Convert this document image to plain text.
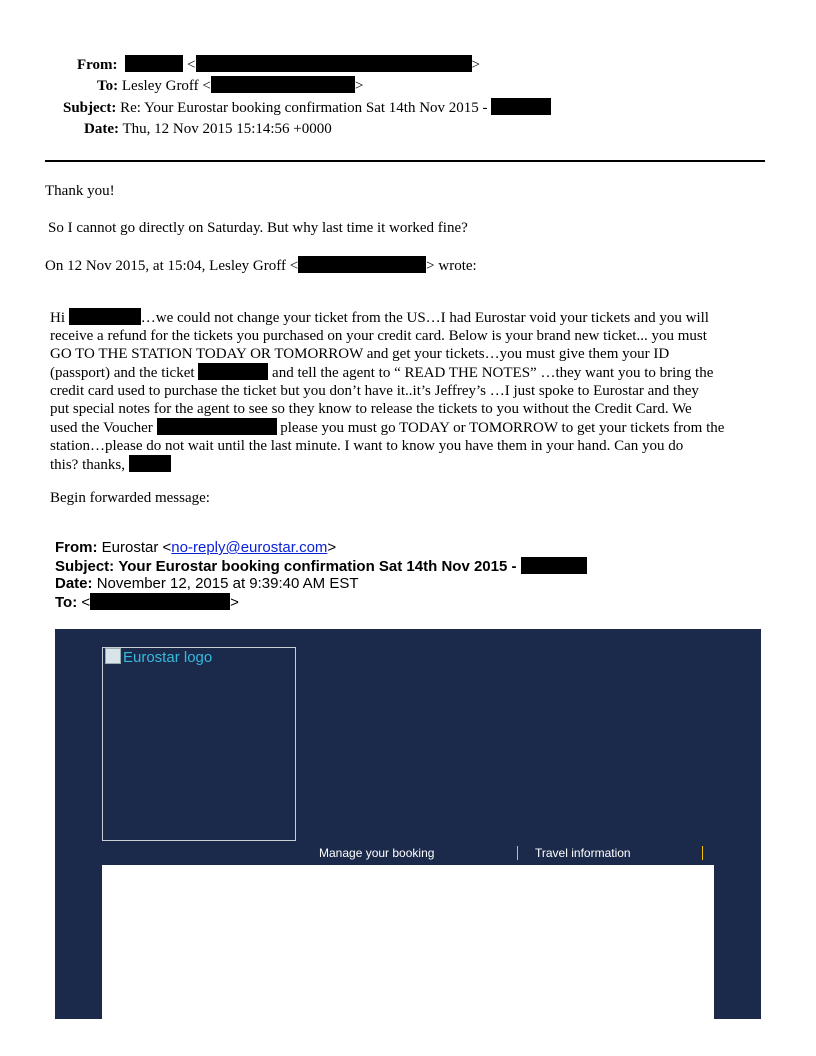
From:	<	>
To: Lesley Groff <	>
Subject: Re: Your Eurostar booking confirmation Sat 14th Nov 2015 -
Date: Thu, 12 Nov 2015 15:14:56 +0000
Thank you!
So I cannot go directly on Saturday. But why last time it worked fine?
On 12 Nov 2015, at 15:04, Lesley Groff <	> wrote:
Hi	…we could not change your ticket from the US…I had Eurostar void your tickets and you will
receive a refund for the tickets you purchased on your credit card. Below is your brand new ticket... you must
GO TO THE STATION TODAY OR TOMORROW and get your tickets…you must give them your ID
(passport) and the ticket	and tell the agent to “ READ THE NOTES” …they want you to bring the
credit card used to purchase the ticket but you don’t have it..it’s Jeffrey’s …I just spoke to Eurostar and they
put special notes for the agent to see so they know to release the tickets to you without the Credit Card. We
used the Voucher	please you must go TODAY or TOMORROW to get your tickets from the
station…please do not wait until the last minute. I want to know you have them in your hand. Can you do
this? thanks,
Begin forwarded message:
From: Eurostar <no-reply@eurostar.com>
Subject: Your Eurostar booking confirmation Sat 14th Nov 2015 -
Date: November 12, 2015 at 9:39:40 AM EST
To: <	>
Eurostar logo
Manage your booking	Travel information
